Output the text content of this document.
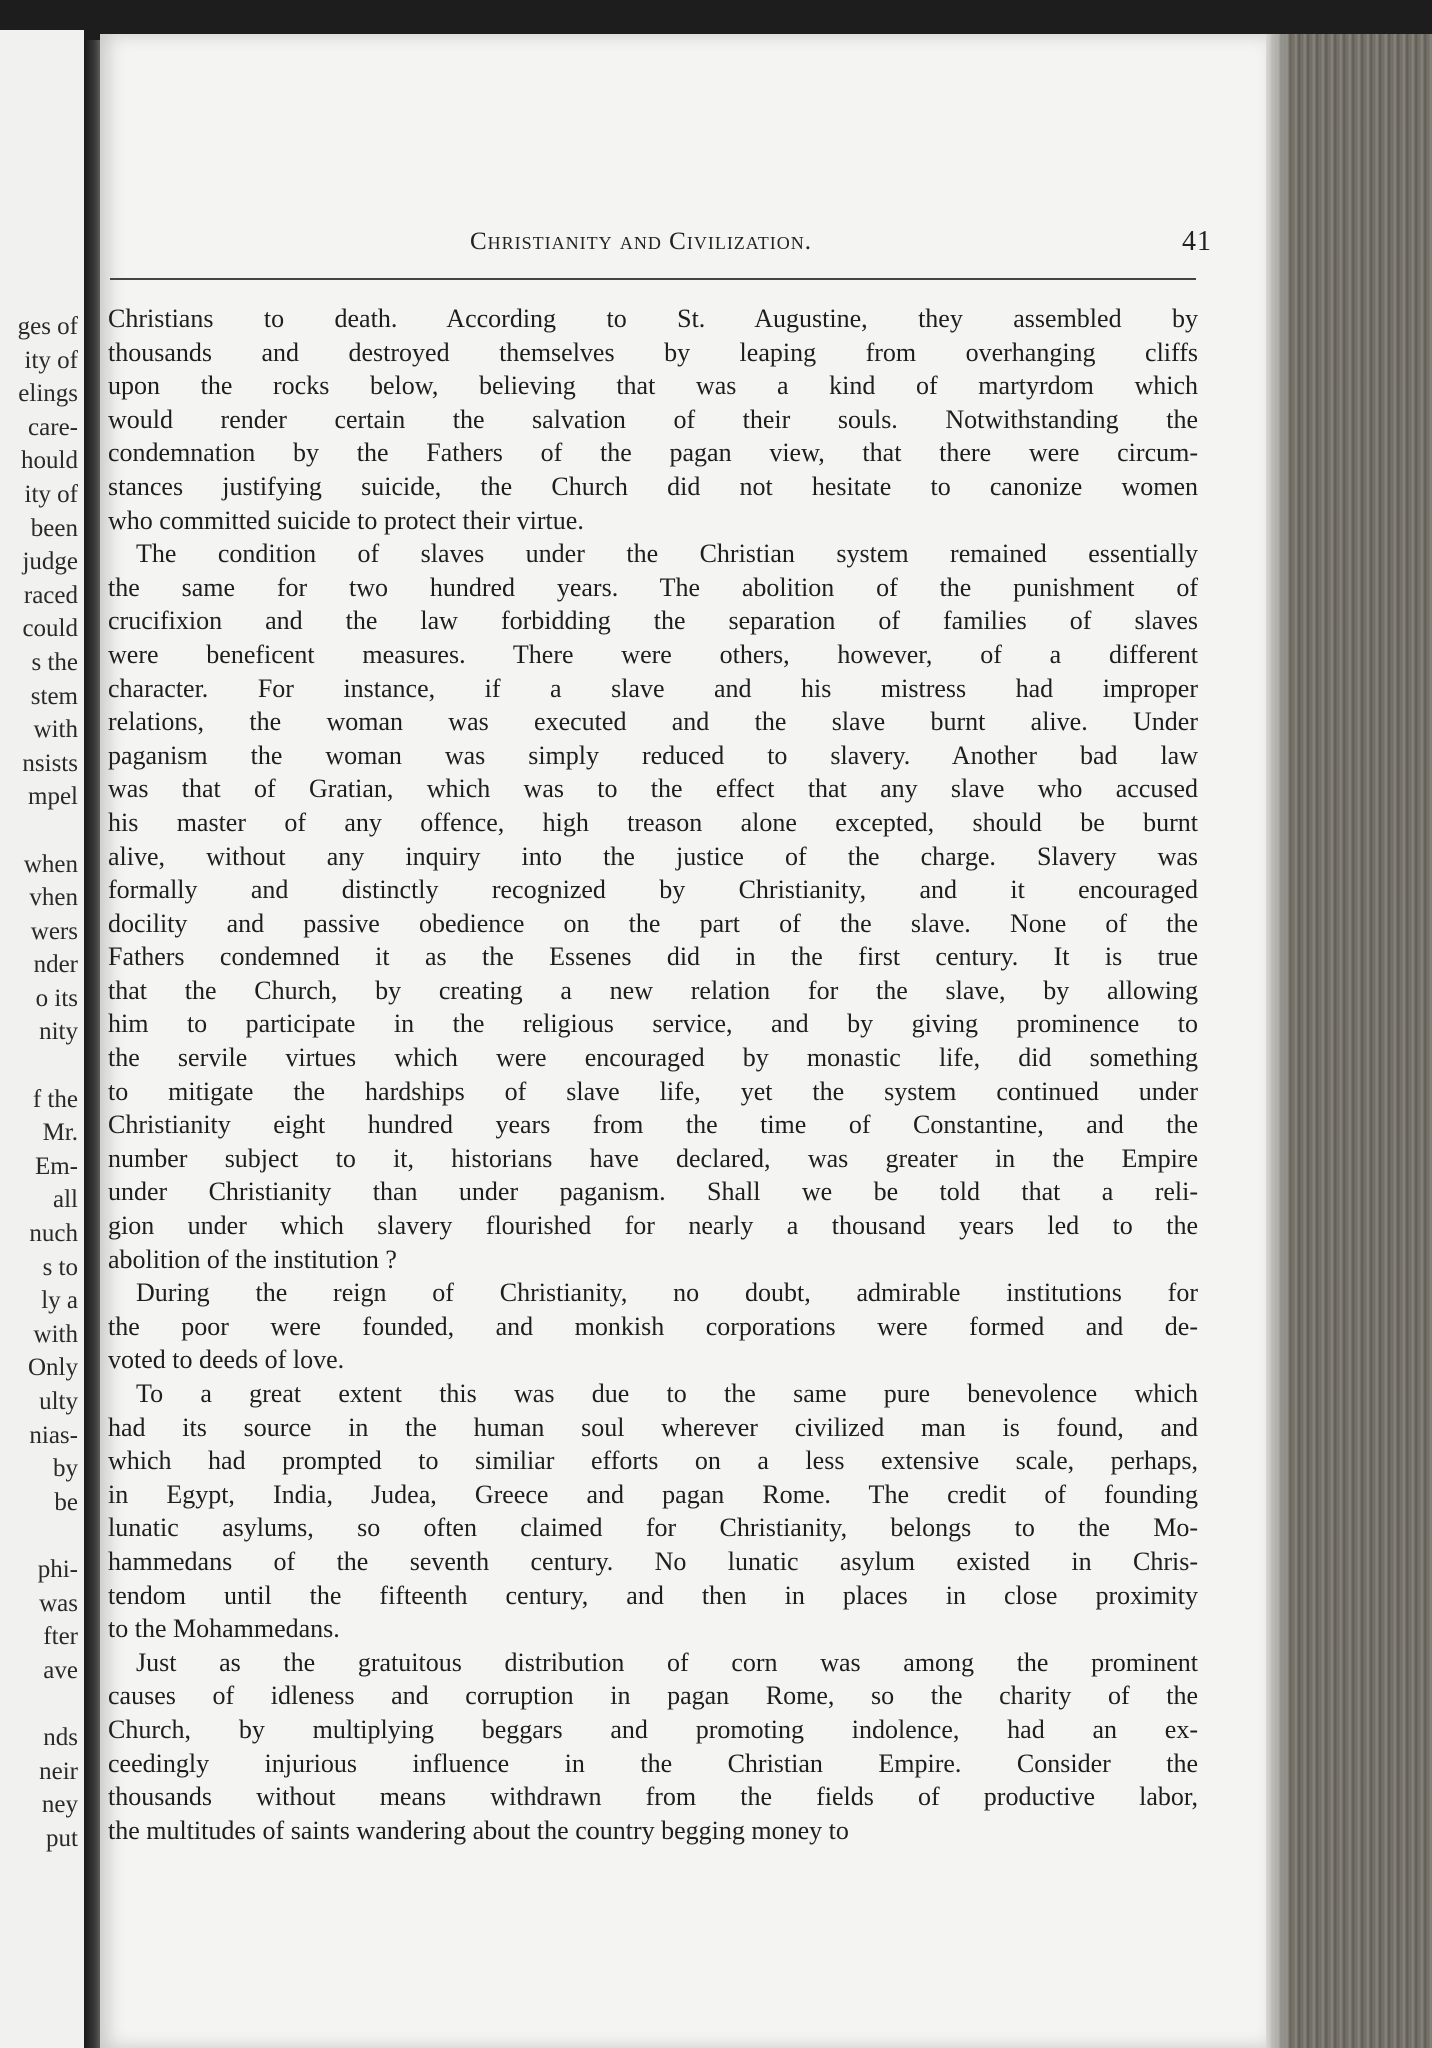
ges of
ity of
elings
care-
hould
ity of
been
judge
raced
could
s the
stem
with
nsists
mpel
when
vhen
wers
nder
o its
nity
f the
Mr.
Em-
all
nuch
s to
ly a
with
Only
ulty
nias-
by
be
phi-
was
fter
ave
nds
neir
ney
put
Christianity and Civilization.	41
Christians to death. According to St. Augustine, they assembled by
thousands and destroyed themselves by leaping from overhanging cliffs
upon the rocks below, believing that was a kind of martyrdom which
would render certain the salvation of their souls. Notwithstanding the
condemnation by the Fathers of the pagan view, that there were circum-
stances justifying suicide, the Church did not hesitate to canonize women
who committed suicide to protect their virtue.
The condition of slaves under the Christian system remained essentially
the same for two hundred years. The abolition of the punishment of
crucifixion and the law forbidding the separation of families of slaves
were beneficent measures. There were others, however, of a different
character. For instance, if a slave and his mistress had improper
relations, the woman was executed and the slave burnt alive. Under
paganism the woman was simply reduced to slavery. Another bad law
was that of Gratian, which was to the effect that any slave who accused
his master of any offence, high treason alone excepted, should be burnt
alive, without any inquiry into the justice of the charge. Slavery was
formally and distinctly recognized by Christianity, and it encouraged
docility and passive obedience on the part of the slave. None of the
Fathers condemned it as the Essenes did in the first century. It is true
that the Church, by creating a new relation for the slave, by allowing
him to participate in the religious service, and by giving prominence to
the servile virtues which were encouraged by monastic life, did something
to mitigate the hardships of slave life, yet the system continued under
Christianity eight hundred years from the time of Constantine, and the
number subject to it, historians have declared, was greater in the Empire
under Christianity than under paganism. Shall we be told that a reli-
gion under which slavery flourished for nearly a thousand years led to the
abolition of the institution ?
During the reign of Christianity, no doubt, admirable institutions for
the poor were founded, and monkish corporations were formed and de-
voted to deeds of love.
To a great extent this was due to the same pure benevolence which
had its source in the human soul wherever civilized man is found, and
which had prompted to similiar efforts on a less extensive scale, perhaps,
in Egypt, India, Judea, Greece and pagan Rome. The credit of founding
lunatic asylums, so often claimed for Christianity, belongs to the Mo-
hammedans of the seventh century. No lunatic asylum existed in Chris-
tendom until the fifteenth century, and then in places in close proximity
to the Mohammedans.
Just as the gratuitous distribution of corn was among the prominent
causes of idleness and corruption in pagan Rome, so the charity of the
Church, by multiplying beggars and promoting indolence, had an ex-
ceedingly injurious influence in the Christian Empire. Consider the
thousands without means withdrawn from the fields of productive labor,
the multitudes of saints wandering about the country begging money to
